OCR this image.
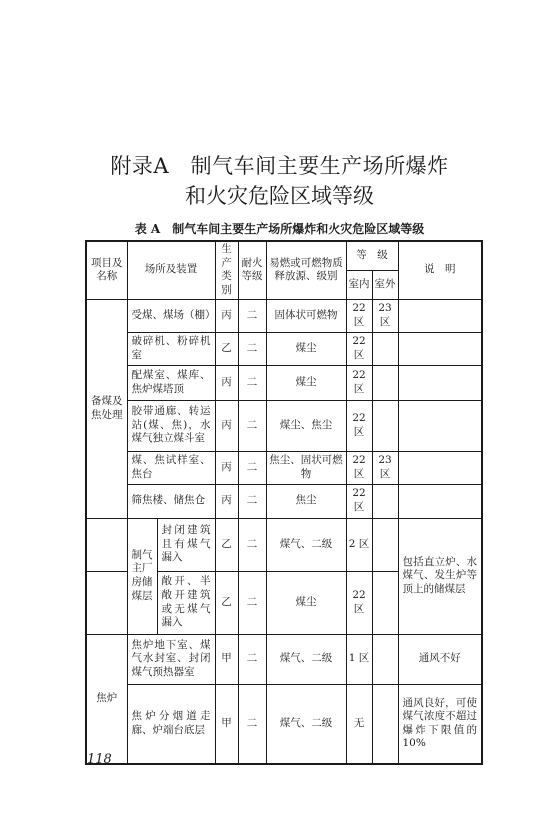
附录A　制气车间主要生产场所爆炸
和火灾危险区域等级
表 A　制气车间主要生产场所爆炸和火灾危险区域等级
项目及名称	场所及装置		生产类别	耐火等级	易燃或可燃物质释放源、级别	等　级		说　明
						室内	室外	
备煤及焦处理	受煤、煤场（棚）		丙	二	固体状可燃物	22 区	23 区	
	破碎机、粉碎机室		乙	二	煤尘	22 区		
	配煤室、煤库、焦炉煤塔顶		丙	二	煤尘	22 区		
	胶带通廊、转运站(煤、焦)，水煤气独立煤斗室		丙	二	煤尘、焦尘	22 区		
	煤、焦试样室、焦台		丙	二	焦尘、固状可燃物	22 区	23 区	
	筛焦楼、储焦仓		丙	二	焦尘	22 区		
	制气主厂房储煤层	封闭建筑且有煤气漏入	乙	二	煤气、二级	2 区		包括直立炉、水煤气、发生炉等顶上的储煤层
		敞开、半敞开建筑或无煤气漏入	乙	二	煤尘	22 区		
焦炉	焦炉地下室、煤气水封室、封闭煤气预热器室		甲	二	煤气、二级	1 区		通风不好
	焦炉分烟道走廊、炉端台底层		甲	二	煤气、二级	无		通风良好，可使煤气浓度不超过爆炸下限值的 10%
118
